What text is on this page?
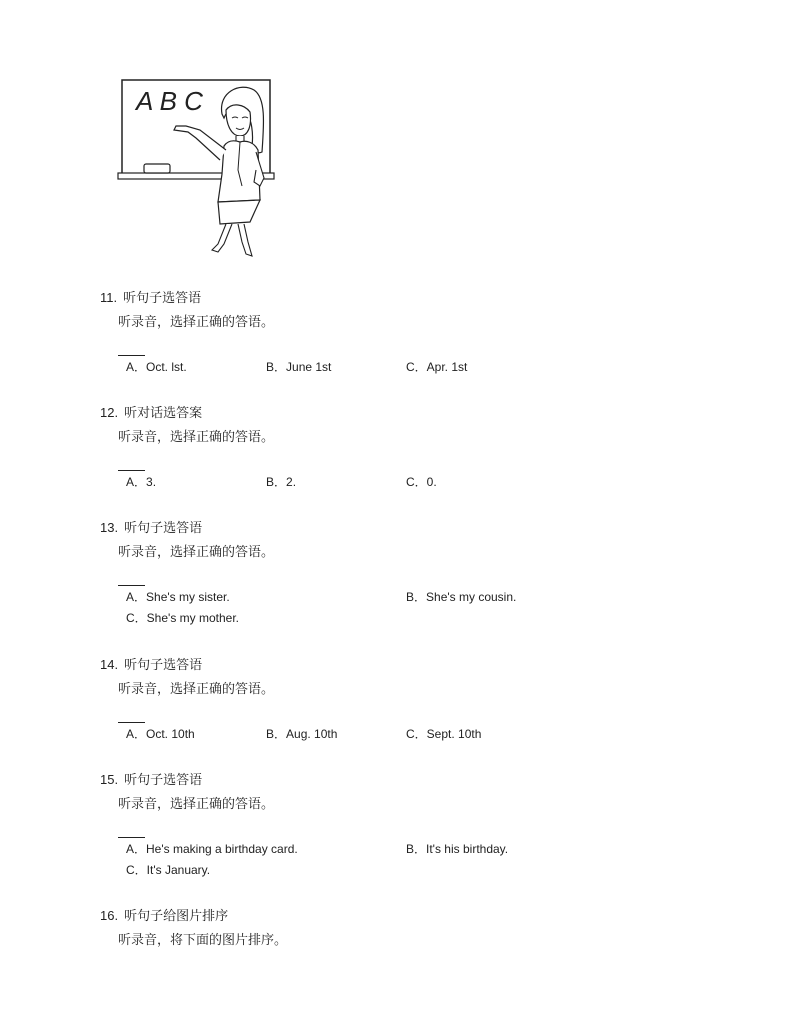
A B C
11. 听句子选答语
听录音，选择正确的答语。
A．Oct. lst.	B．June 1st	C．Apr. 1st
12. 听对话选答案
听录音，选择正确的答语。
A．3.	B．2.	C．0.
13. 听句子选答语
听录音，选择正确的答语。
A．She's my sister.	B．She's my cousin.
C．She's my mother.
14. 听句子选答语
听录音，选择正确的答语。
A．Oct. 10th	B．Aug. 10th	C．Sept. 10th
15. 听句子选答语
听录音，选择正确的答语。
A．He's making a birthday card.	B．It's his birthday.
C．It's January.
16. 听句子给图片排序
听录音，将下面的图片排序。
